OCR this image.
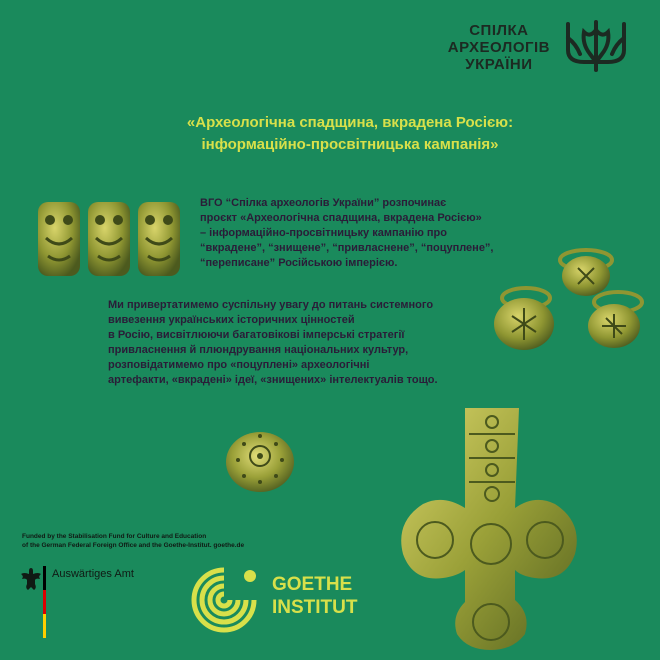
СПІЛКА
АРХЕОЛОГІВ
УКРАЇНИ
«Археологічна спадщина, вкрадена Росією:
інформаційно-просвітницька кампанія»
ВГО “Спілка археологів України” розпочинає
проєкт «Археологічна спадщина, вкрадена Росією»
– інформаційно-просвітницьку кампанію про
“вкрадене”, “знищене”, “привласнене”, “поцуплене”,
“переписане” Російською імперією.
Ми привертатимемо суспільну увагу до питань системного
вивезення українських історичних цінностей
в Росію, висвітлюючи багатовікові імперські стратегії
привласнення й плюндрування національних культур,
розповідатимемо про «поцуплені» археологічні
артефакти, «вкрадені» ідеї, «знищених» інтелектуалів тощо.
Funded by the Stabilisation Fund for Culture and Education
of the German Federal Foreign Office and the Goethe-Institut. goethe.de
Auswärtiges Amt	GOETHE
INSTITUT
